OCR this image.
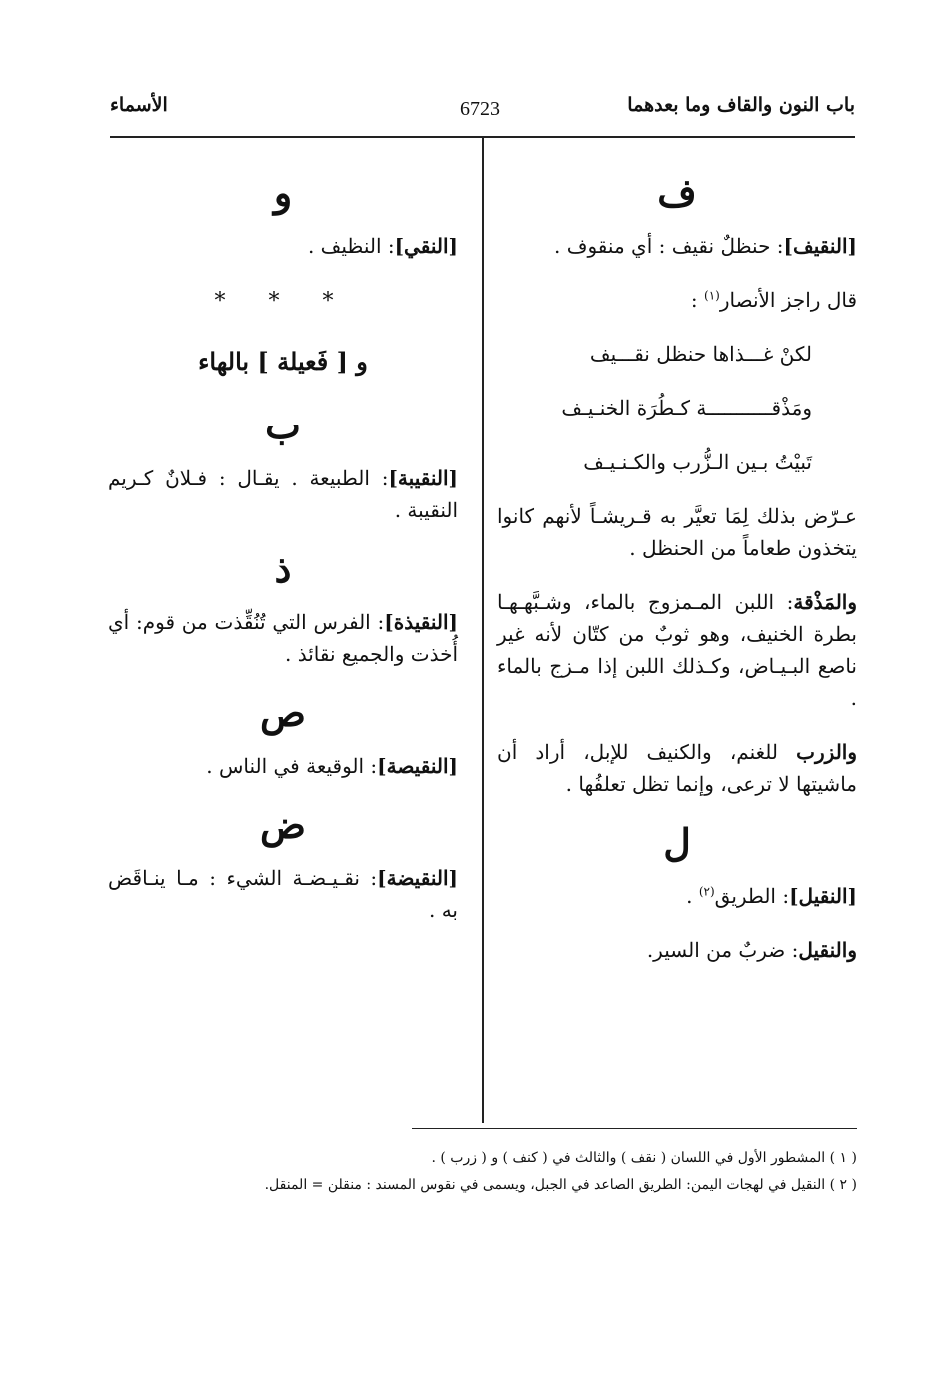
باب النون والقاف وما بعدهما
6723
الأسماء
ف

[النقيف]: حنظلٌ نقيف : أي منقوف .

قال راجز الأنصار$^{(١)}$ :

لكنْ غـــذاها حنظل نقـــيف

ومَذْقـــــــــــة كـطُرَة الخنـيـف

تَبيْتُ بـين الـزُّرب والكـنـيـف

عـرّض بذلك لِمَا تعيَّر به قـريشـاً لأنهم كانوا يتخذون طعاماً من الحنظل .

والمَذْقة: اللبن المـمزوج بالماء، وشـبَّهـهـا بطرة الخنيف، وهو ثوبٌ من كتّان لأنه غير ناصع البـيـاض، وكـذلك اللبن إذا مـزج بالماء .

والزرب للغنم، والكنيف للإبل، أراد أن ماشيتها لا ترعى، وإنما تظل تعلفُها .

ل

[النقيل]: الطريق$^{(٢)}$ .

والنقيل: ضربٌ من السير.

و

[النقي]: النظيف .

* * *
و [ فَعيلة ] بالهاء
ب

[النقيبة]: الطبيعة . يقـال : فـلانٌ كـريم النقيبة .

ذ

[النقيذة]: الفرس التي تُنُقِّذت من قوم: أي أُخذت والجميع نقائذ .

ص

[النقيصة]: الوقيعة في الناس .

ض

[النقيضة]: نقـيـضـة الشيء : مـا ينـاقَض به .

( ١ ) المشطور الأول في اللسان ( نقف ) والثالث في ( كنف ) و ( زرب ) .

( ٢ ) النقيل في لهجات اليمن: الطريق الصاعد في الجبل، ويسمى في نقوس المسند : منقلن = المنقل.
